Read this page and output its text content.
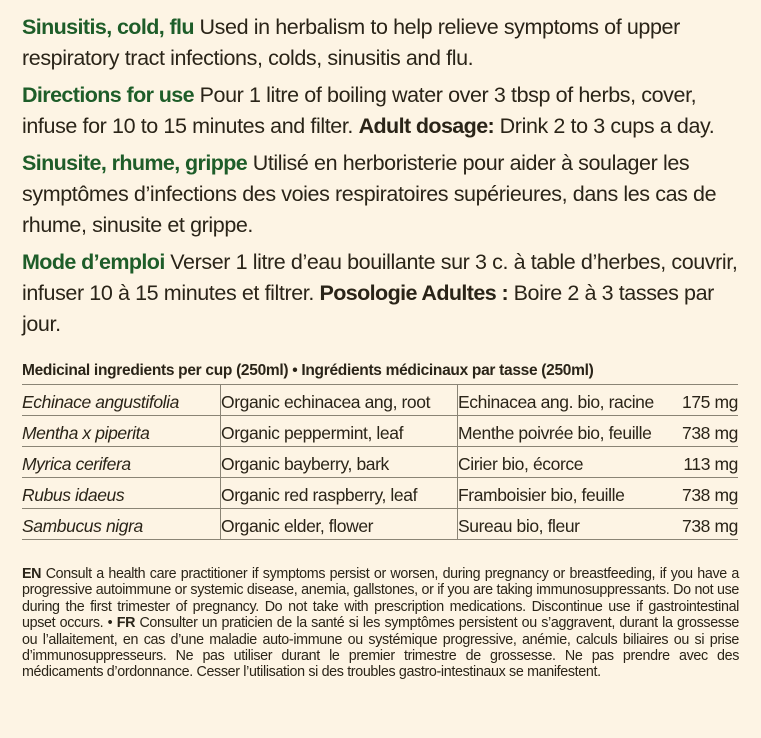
Sinusitis, cold, flu Used in herbalism to help relieve symptoms of upper respiratory tract infections, colds, sinusitis and flu.

Directions for use Pour 1 litre of boiling water over 3 tbsp of herbs, cover, infuse for 10 to 15 minutes and filter. Adult dosage: Drink 2 to 3 cups a day.

Sinusite, rhume, grippe Utilisé en herboristerie pour aider à soulager les symptômes d’infections des voies respiratoires supérieures, dans les cas de rhume, sinusite et grippe.

Mode d’emploi Verser 1 litre d’eau bouillante sur 3 c. à table d’herbes, couvrir, infuser 10 à 15 minutes et filtrer. Posologie Adultes : Boire 2 à 3 tasses par jour.

Medicinal ingredients per cup (250ml) • Ingrédients médicinaux par tasse (250ml)
Echinace angustifolia	Organic echinacea ang, root	Echinacea ang. bio, racine	175 mg
Mentha x piperita	Organic peppermint, leaf	Menthe poivrée bio, feuille	738 mg
Myrica cerifera	Organic bayberry, bark	Cirier bio, écorce	113 mg
Rubus idaeus	Organic red raspberry, leaf	Framboisier bio, feuille	738 mg
Sambucus nigra	Organic elder, flower	Sureau bio, fleur	738 mg
EN Consult a health care practitioner if symptoms persist or worsen, during pregnancy or breastfeeding, if you have a progressive autoimmune or systemic disease, anemia, gallstones, or if you are taking immunosuppressants. Do not use during the first trimester of pregnancy. Do not take with prescription medications. Discontinue use if gastrointestinal upset occurs. • FR Consulter un praticien de la santé si les symptômes persistent ou s’aggravent, durant la grossesse ou l’allaitement, en cas d’une maladie auto-immune ou systémique progressive, anémie, calculs biliaires ou si prise d’immunosuppresseurs. Ne pas utiliser durant le premier trimestre de grossesse. Ne pas prendre avec des médicaments d’ordonnance. Cesser l’utilisation si des troubles gastro-intestinaux se manifestent.
